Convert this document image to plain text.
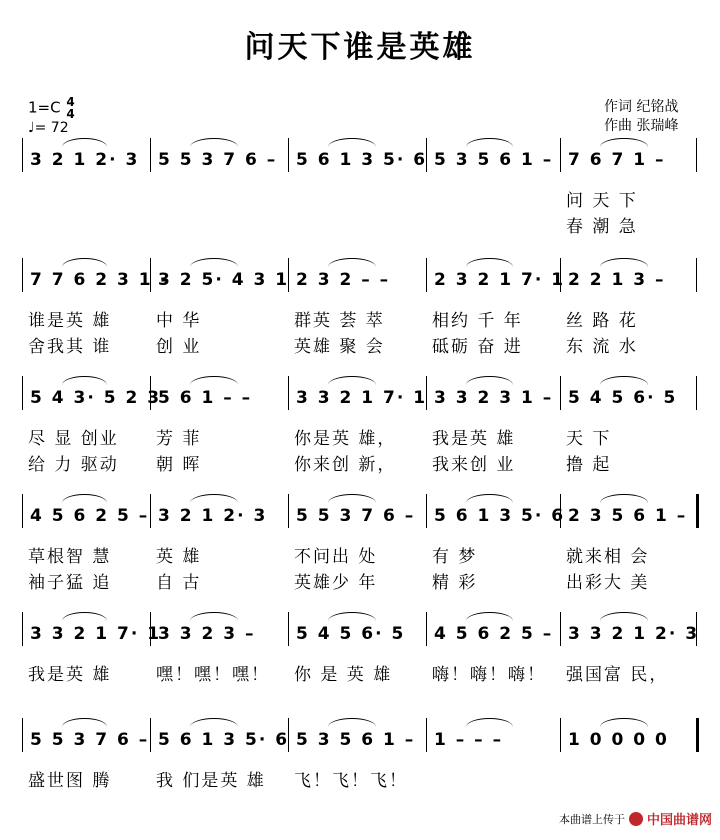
问天下谁是英雄
1=C 4
4
♩= 72
作词 纪铭战
作曲 张瑞峰
3 2 1 2· 3 5 5 3 7 6 – 5 6 1 3 5· 6 5 3 5 6 1 – 7 6 7 1 –
问 天 下
春 潮 急
7 7 6 2 3 1 –
3 2 5· 4 3 1 2 3 2 – –	2 3 2 1 7· 1 2 2 1 3 –
谁是英 雄	中 华	群英 荟 萃	相约 千 年	丝 路 花
舍我其 谁	创 业	英雄 聚 会	砥砺 奋 进	东 流 水
5 4 3· 5 2 3
5 6 1 – –	3 3 2 1 7· 1 3 3 2 3 1 – 5 4 5 6· 5
尽 显 创业 芳 菲	你是英 雄， 我是英 雄	天 下
给 力 驱动 朝 晖	你来创 新， 我来创 业	撸 起
4 5 6 2 5 – 3 2 1 2· 3 5 5 3 7 6 – 5 6 1 3 5· 6 2 3 5 6 1 –
草根智 慧	英 雄	不问出 处	有 梦	就来相 会
袖子猛 追	自 古	英雄少 年	精 彩	出彩大 美
3 3 2 1 7· 1
3 3 2 3 – 5 4 5 6· 5 4 5 6 2 5 – 3 3 2 1 2· 3
我是英 雄	嘿！嘿！嘿！ 你 是 英 雄 嗨！嗨！嗨！ 强国富 民，
5 5 3 7 6 – 5 6 1 3 5· 6 5 3 5 6 1 – 1 – – –	1 0 0 0 0
盛世图 腾	我 们是英 雄 飞！飞！飞！
本曲谱上传于 中国曲谱网
